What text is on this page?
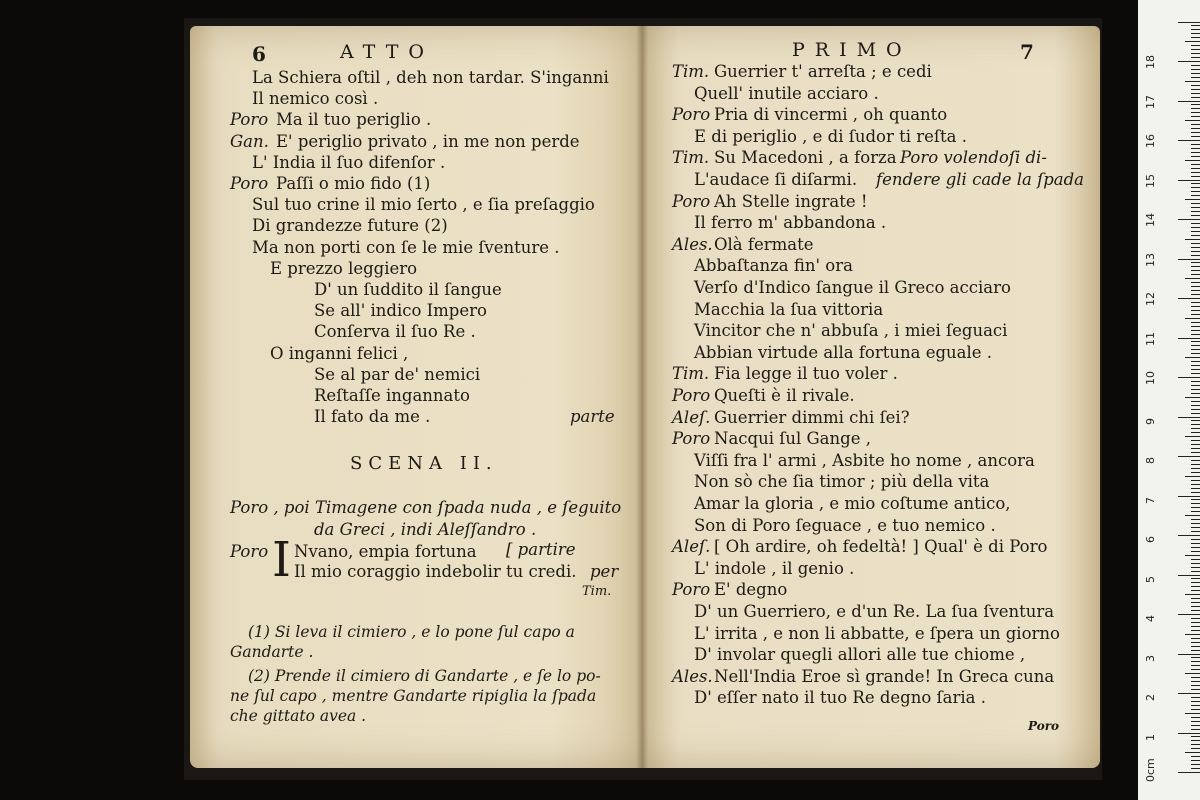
6	ATTO
La Schiera oſtil , deh non tardar. S'inganni
Il nemico così .
Poro Ma il tuo periglio .
Gan. E' periglio privato , in me non perde
L' India il ſuo difenſor .
Poro Paſſi o mio fido (1)
Sul tuo crine il mio ſerto , e ſia preſaggio
Di grandezze future (2)
Ma non porti con ſe le mie ſventure .
E prezzo leggiero
D' un ſuddito il ſangue
Se all' indico Impero
Conſerva il ſuo Re .
O inganni felici ,
Se al par de' nemici
Reſtaſſe ingannato
Il fato da me .	parte
SCENA II.
Poro , poi Timagene con ſpada nuda , e ſeguito
da Greci , indi Aleſſandro .
Poro I Nvano, empia fortuna [ partire
Il mio coraggio indebolir tu credi. per
Tim.
(1) Si leva il cimiero , e lo pone ſul capo a
Gandarte .
(2) Prende il cimiero di Gandarte , e ſe lo po-
ne ſul capo , mentre Gandarte ripiglia la ſpada
che gittato avea .
PRIMO	7
Tim. Guerrier t' arreſta ; e cedi
Quell' inutile acciaro .
Poro Pria di vincermi , oh quanto
E di periglio , e di ſudor ti reſta .
Tim. Su Macedoni , a forza Poro volendoſi di-
L'audace ſi diſarmi. fendere gli cade la ſpada
Poro Ah Stelle ingrate !
Il ferro m' abbandona .
Ales. Olà fermate
Abbaſtanza fin' ora
Verſo d'Indico ſangue il Greco acciaro
Macchia la ſua vittoria
Vincitor che n' abbuſa , i miei ſeguaci
Abbian virtude alla fortuna eguale .
Tim. Fia legge il tuo voler .
Poro Queſti è il rivale.
Aleſ. Guerrier dimmi chi ſei?
Poro Nacqui ſul Gange ,
Viſſi fra l' armi , Asbite ho nome , ancora
Non sò che ſia timor ; più della vita
Amar la gloria , e mio coſtume antico,
Son di Poro ſeguace , e tuo nemico .
Aleſ. [ Oh ardire, oh fedeltà! ] Qual' è di Poro
L' indole , il genio .
Poro E' degno
D' un Guerriero, e d'un Re. La ſua ſventura
L' irrita , e non li abbatte, e ſpera un giorno
D' involar quegli allori alle tue chiome ,
Ales. Nell'India Eroe sì grande! In Greca cuna
D' eſſer nato il tuo Re degno ſaria .
Poro
0cm
1
2
3
4
5
6
7
8
9
10
11
12
13
14
15
16
17
18
